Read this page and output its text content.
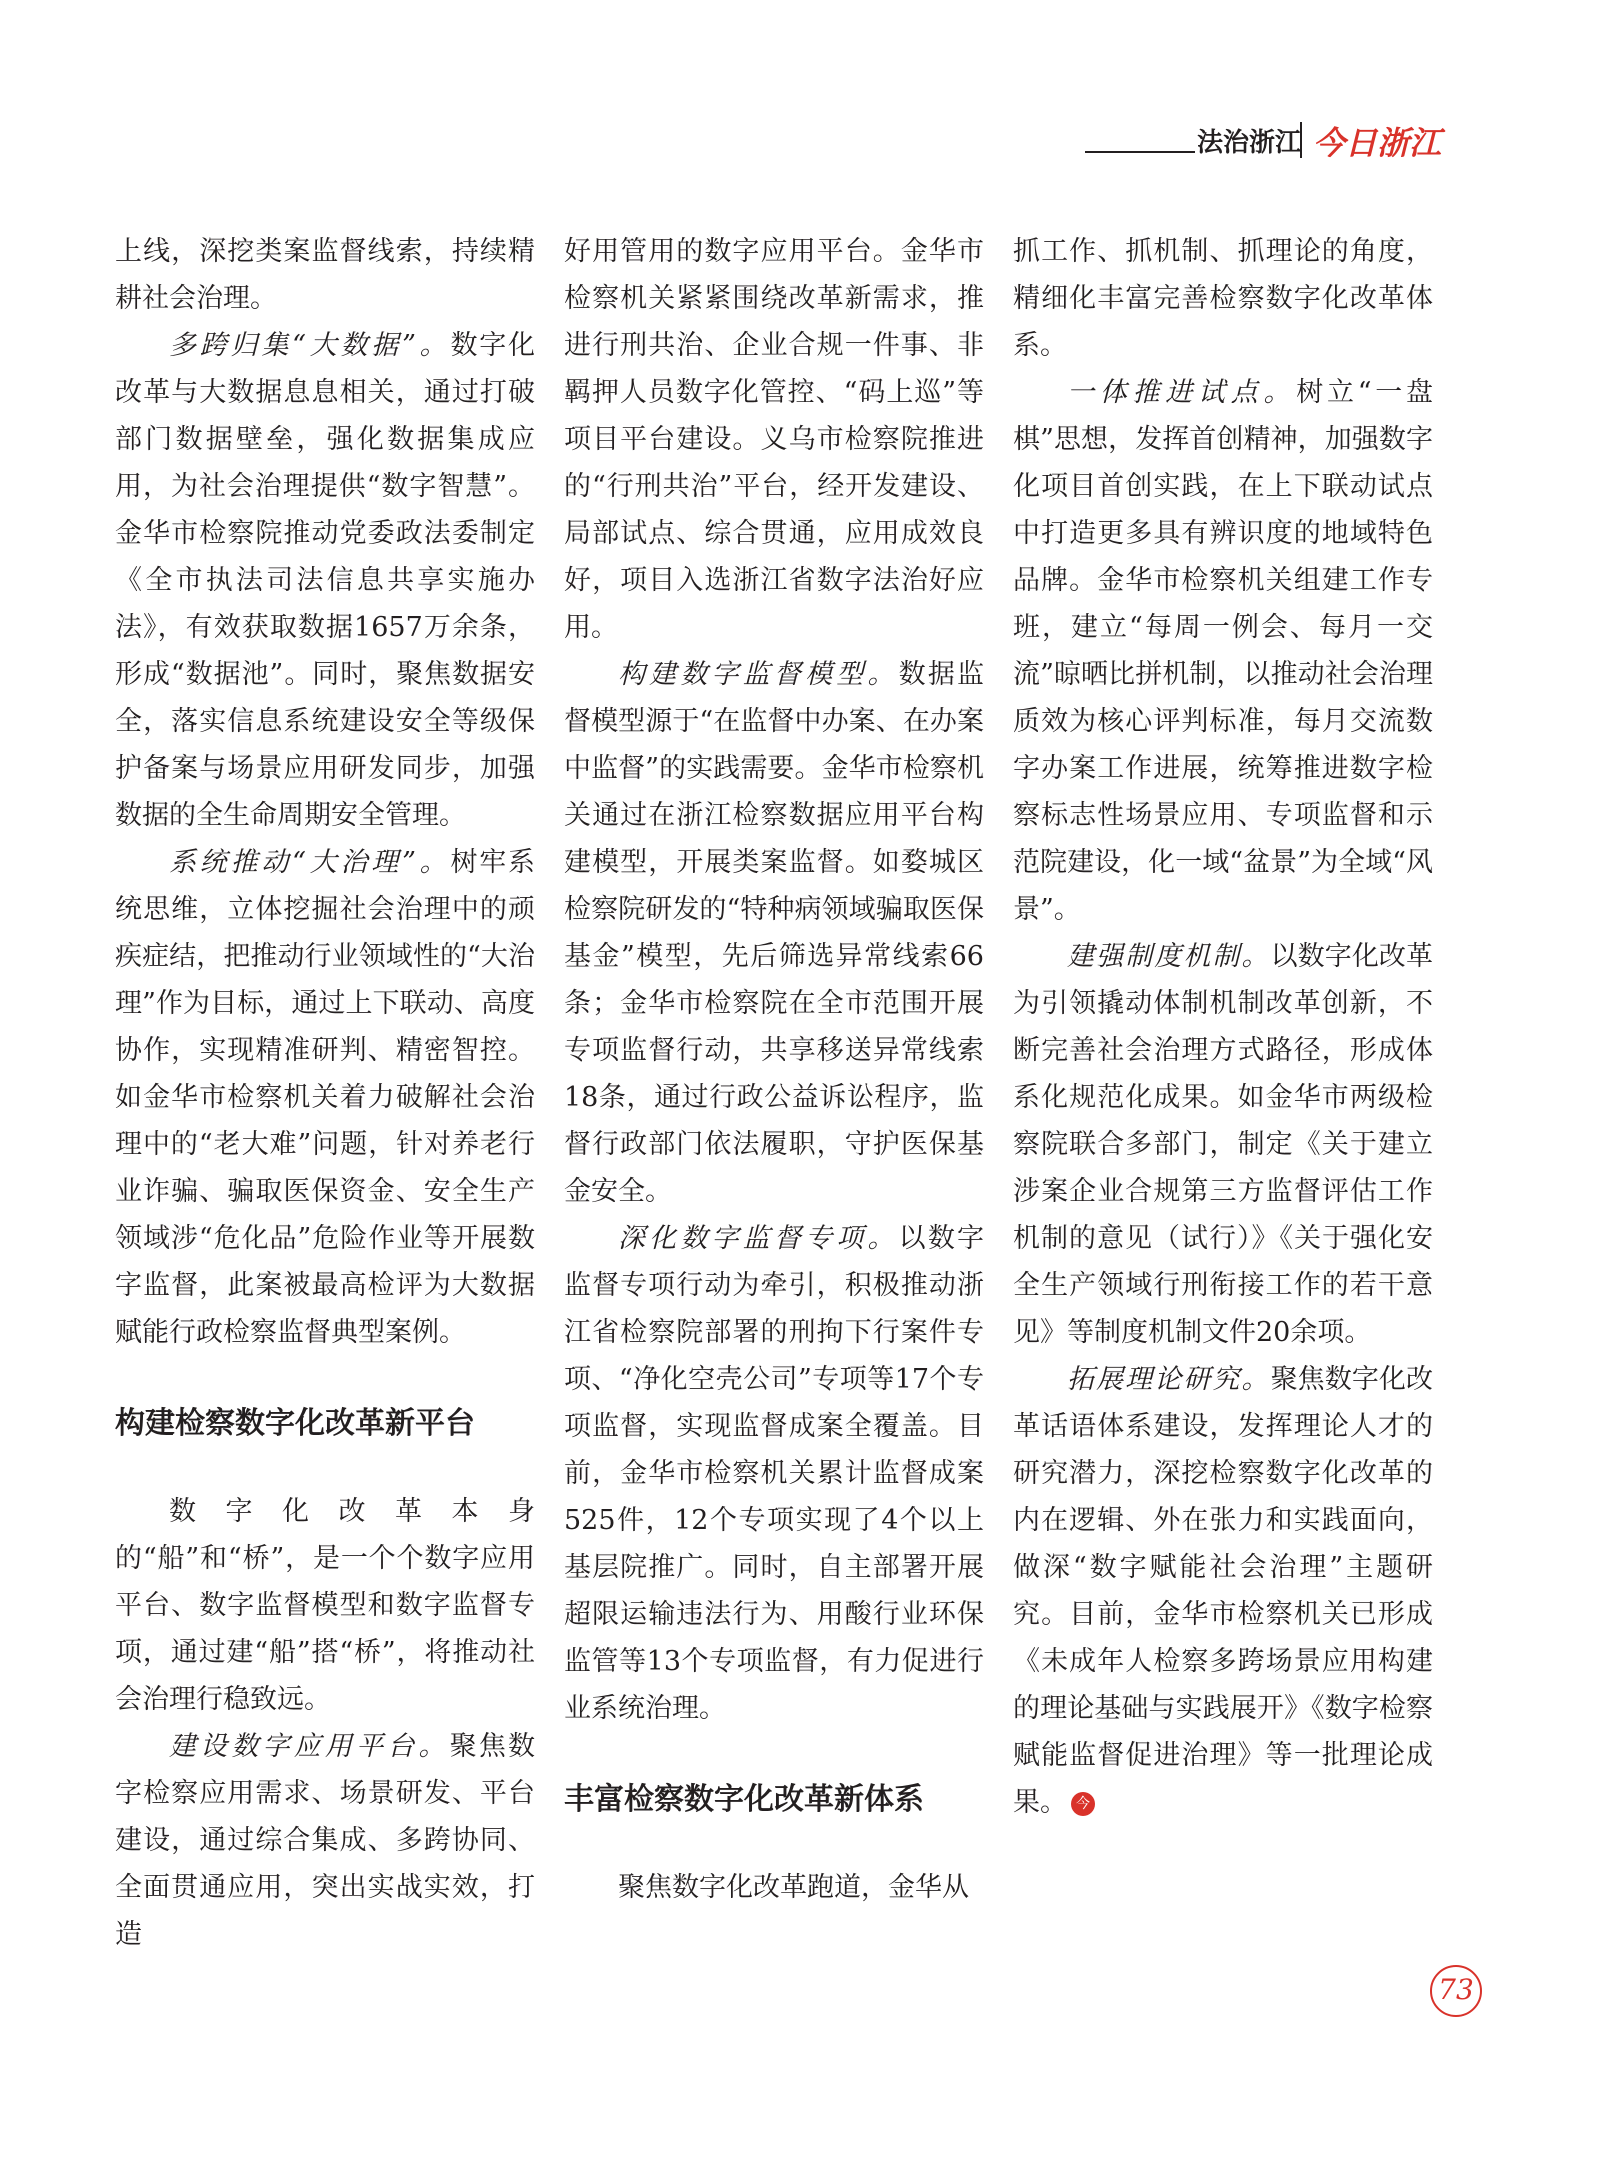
法治浙江 今日浙江

上线，深挖类案监督线索，持续精耕社会治理。

多跨归集“大数据”。数字化改革与大数据息息相关，通过打破部门数据壁垒，强化数据集成应用，为社会治理提供“数字智慧”。金华市检察院推动党委政法委制定《全市执法司法信息共享实施办法》，有效获取数据1657万余条，形成“数据池”。同时，聚焦数据安全，落实信息系统建设安全等级保护备案与场景应用研发同步，加强数据的全生命周期安全管理。

系统推动“大治理”。树牢系统思维，立体挖掘社会治理中的顽疾症结，把推动行业领域性的“大治理”作为目标，通过上下联动、高度协作，实现精准研判、精密智控。如金华市检察机关着力破解社会治理中的“老大难”问题，针对养老行业诈骗、骗取医保资金、安全生产领域涉“危化品”危险作业等开展数字监督，此案被最高检评为大数据赋能行政检察监督典型案例。

构建检察数字化改革新平台

数字化改革本身的“船”和“桥”，是一个个数字应用平台、数字监督模型和数字监督专项，通过建“船”搭“桥”，将推动社会治理行稳致远。

建设数字应用平台。聚焦数字检察应用需求、场景研发、平台建设，通过综合集成、多跨协同、全面贯通应用，突出实战实效，打造

好用管用的数字应用平台。金华市检察机关紧紧围绕改革新需求，推进行刑共治、企业合规一件事、非羁押人员数字化管控、“码上巡”等项目平台建设。义乌市检察院推进的“行刑共治”平台，经开发建设、局部试点、综合贯通，应用成效良好，项目入选浙江省数字法治好应用。

构建数字监督模型。数据监督模型源于“在监督中办案、在办案中监督”的实践需要。金华市检察机关通过在浙江检察数据应用平台构建模型，开展类案监督。如婺城区检察院研发的“特种病领域骗取医保基金”模型，先后筛选异常线索66条；金华市检察院在全市范围开展专项监督行动，共享移送异常线索18条，通过行政公益诉讼程序，监督行政部门依法履职，守护医保基金安全。

深化数字监督专项。以数字监督专项行动为牵引，积极推动浙江省检察院部署的刑拘下行案件专项、“净化空壳公司”专项等17个专项监督，实现监督成案全覆盖。目前，金华市检察机关累计监督成案525件，12个专项实现了4个以上基层院推广。同时，自主部署开展超限运输违法行为、用酸行业环保监管等13个专项监督，有力促进行业系统治理。

丰富检察数字化改革新体系

聚焦数字化改革跑道，金华从

抓工作、抓机制、抓理论的角度，精细化丰富完善检察数字化改革体系。

一体推进试点。树立“一盘棋”思想，发挥首创精神，加强数字化项目首创实践，在上下联动试点中打造更多具有辨识度的地域特色品牌。金华市检察机关组建工作专班，建立“每周一例会、每月一交流”晾晒比拼机制，以推动社会治理质效为核心评判标准，每月交流数字办案工作进展，统筹推进数字检察标志性场景应用、专项监督和示范院建设，化一域“盆景”为全域“风景”。

建强制度机制。以数字化改革为引领撬动体制机制改革创新，不断完善社会治理方式路径，形成体系化规范化成果。如金华市两级检察院联合多部门，制定《关于建立涉案企业合规第三方监督评估工作机制的意见（试行）》《关于强化安全生产领域行刑衔接工作的若干意见》等制度机制文件20余项。

拓展理论研究。聚焦数字化改革话语体系建设，发挥理论人才的研究潜力，深挖检察数字化改革的内在逻辑、外在张力和实践面向，做深“数字赋能社会治理”主题研究。目前，金华市检察机关已形成《未成年人检察多跨场景应用构建的理论基础与实践展开》《数字检察赋能监督促进治理》等一批理论成果。 今

73
